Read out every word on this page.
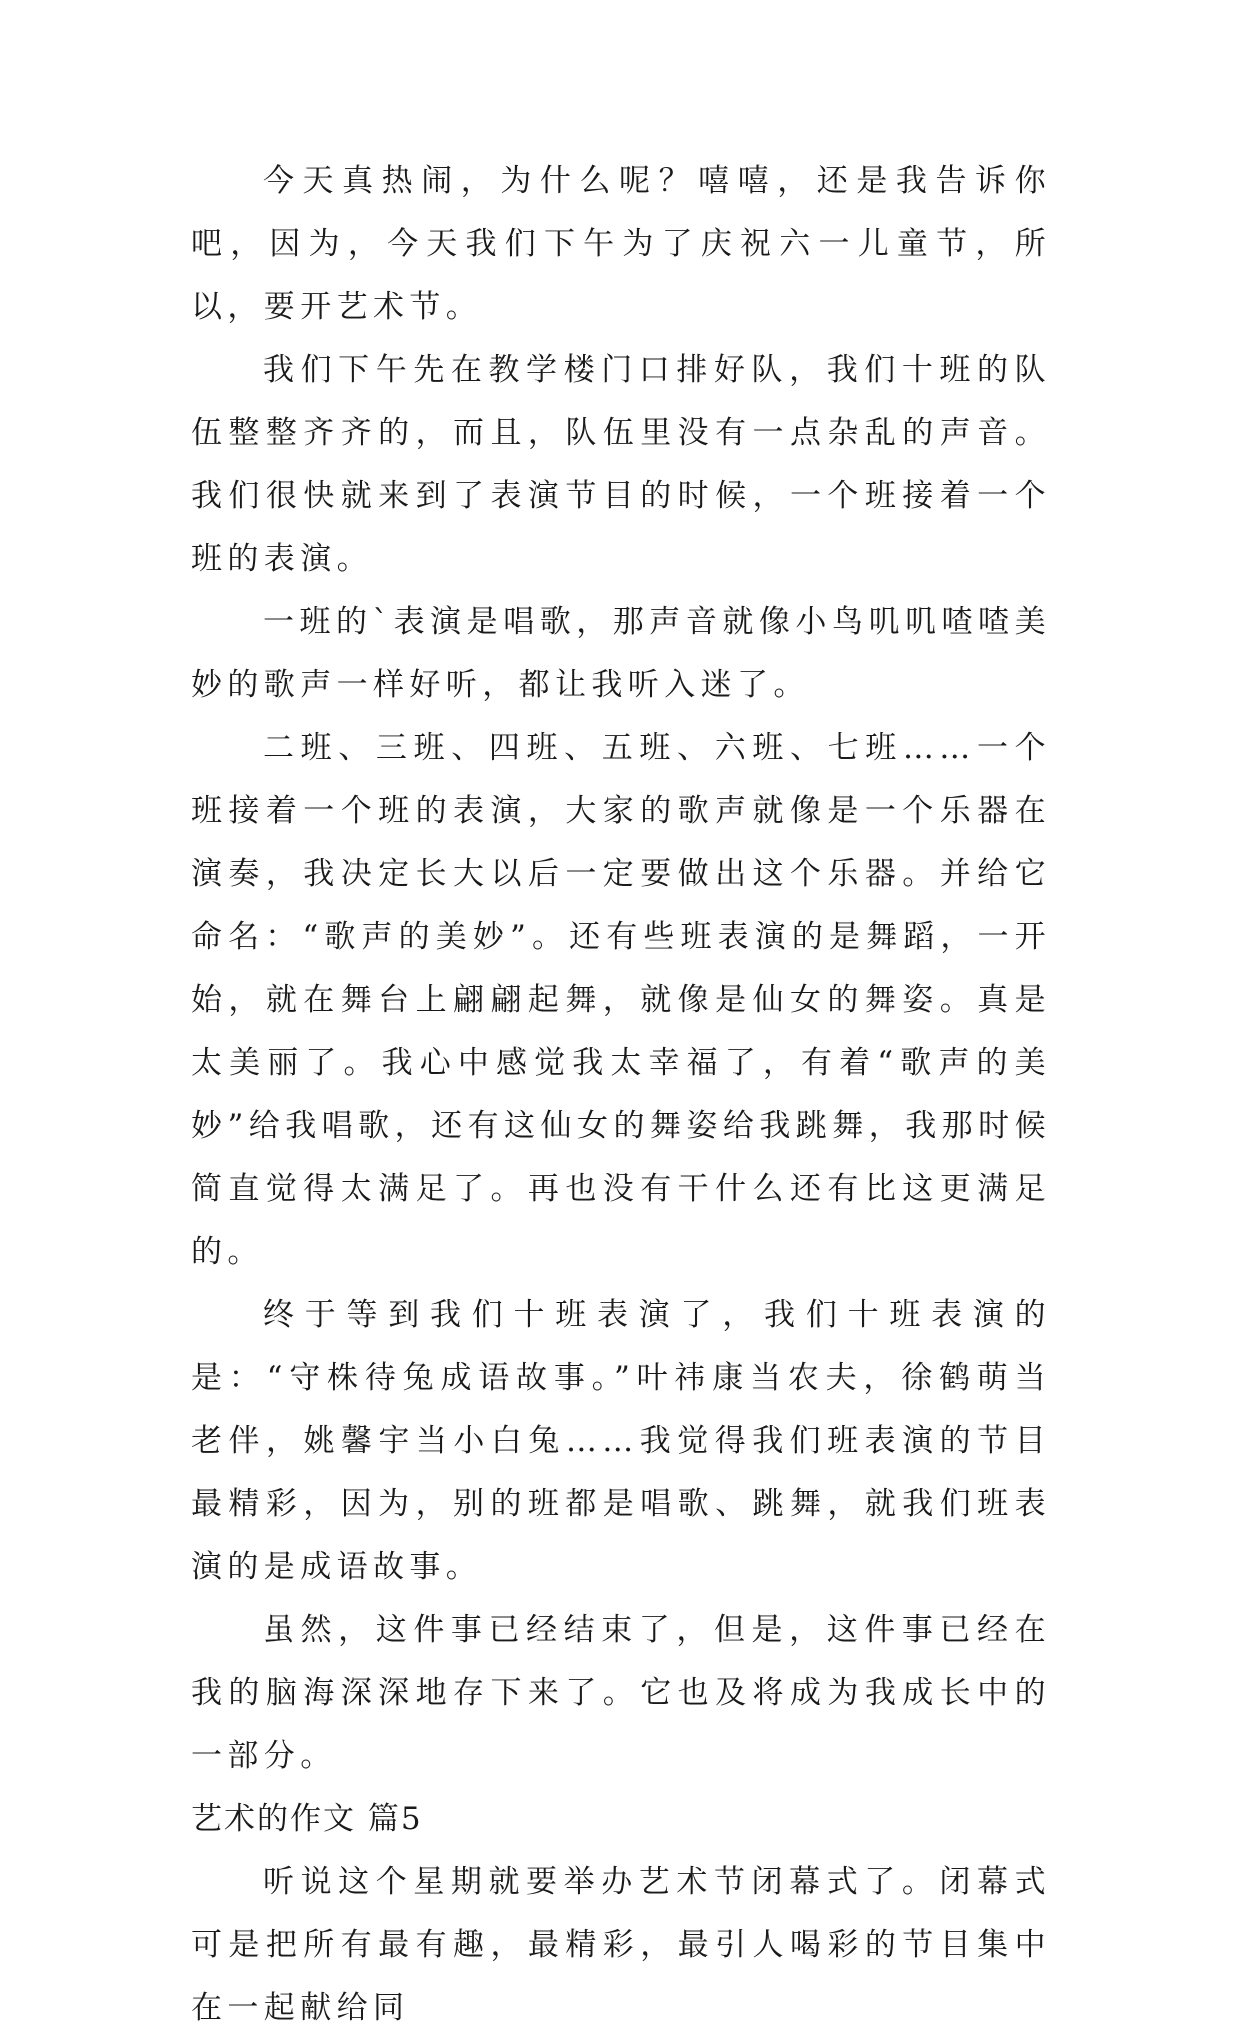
今天真热闹，为什么呢？嘻嘻，还是我告诉你吧，因为，今天我们下午为了庆祝六一儿童节，所以，要开艺术节。

我们下午先在教学楼门口排好队，我们十班的队伍整整齐齐的，而且，队伍里没有一点杂乱的声音。我们很快就来到了表演节目的时候，一个班接着一个班的表演。

一班的`表演是唱歌，那声音就像小鸟叽叽喳喳美妙的歌声一样好听，都让我听入迷了。

二班、三班、四班、五班、六班、七班……一个班接着一个班的表演，大家的歌声就像是一个乐器在演奏，我决定长大以后一定要做出这个乐器。并给它命名：“歌声的美妙”。还有些班表演的是舞蹈，一开始，就在舞台上翩翩起舞，就像是仙女的舞姿。真是太美丽了。我心中感觉我太幸福了，有着“歌声的美妙”给我唱歌，还有这仙女的舞姿给我跳舞，我那时候简直觉得太满足了。再也没有干什么还有比这更满足的。

终于等到我们十班表演了，我们十班表演的是：“守株待兔成语故事。”叶祎康当农夫，徐鹤萌当老伴，姚馨宇当小白兔……我觉得我们班表演的节目最精彩，因为，别的班都是唱歌、跳舞，就我们班表演的是成语故事。

虽然，这件事已经结束了，但是，这件事已经在我的脑海深深地存下来了。它也及将成为我成长中的一部分。

艺术的作文 篇5

听说这个星期就要举办艺术节闭幕式了。闭幕式可是把所有最有趣，最精彩，最引人喝彩的节目集中在一起献给同
